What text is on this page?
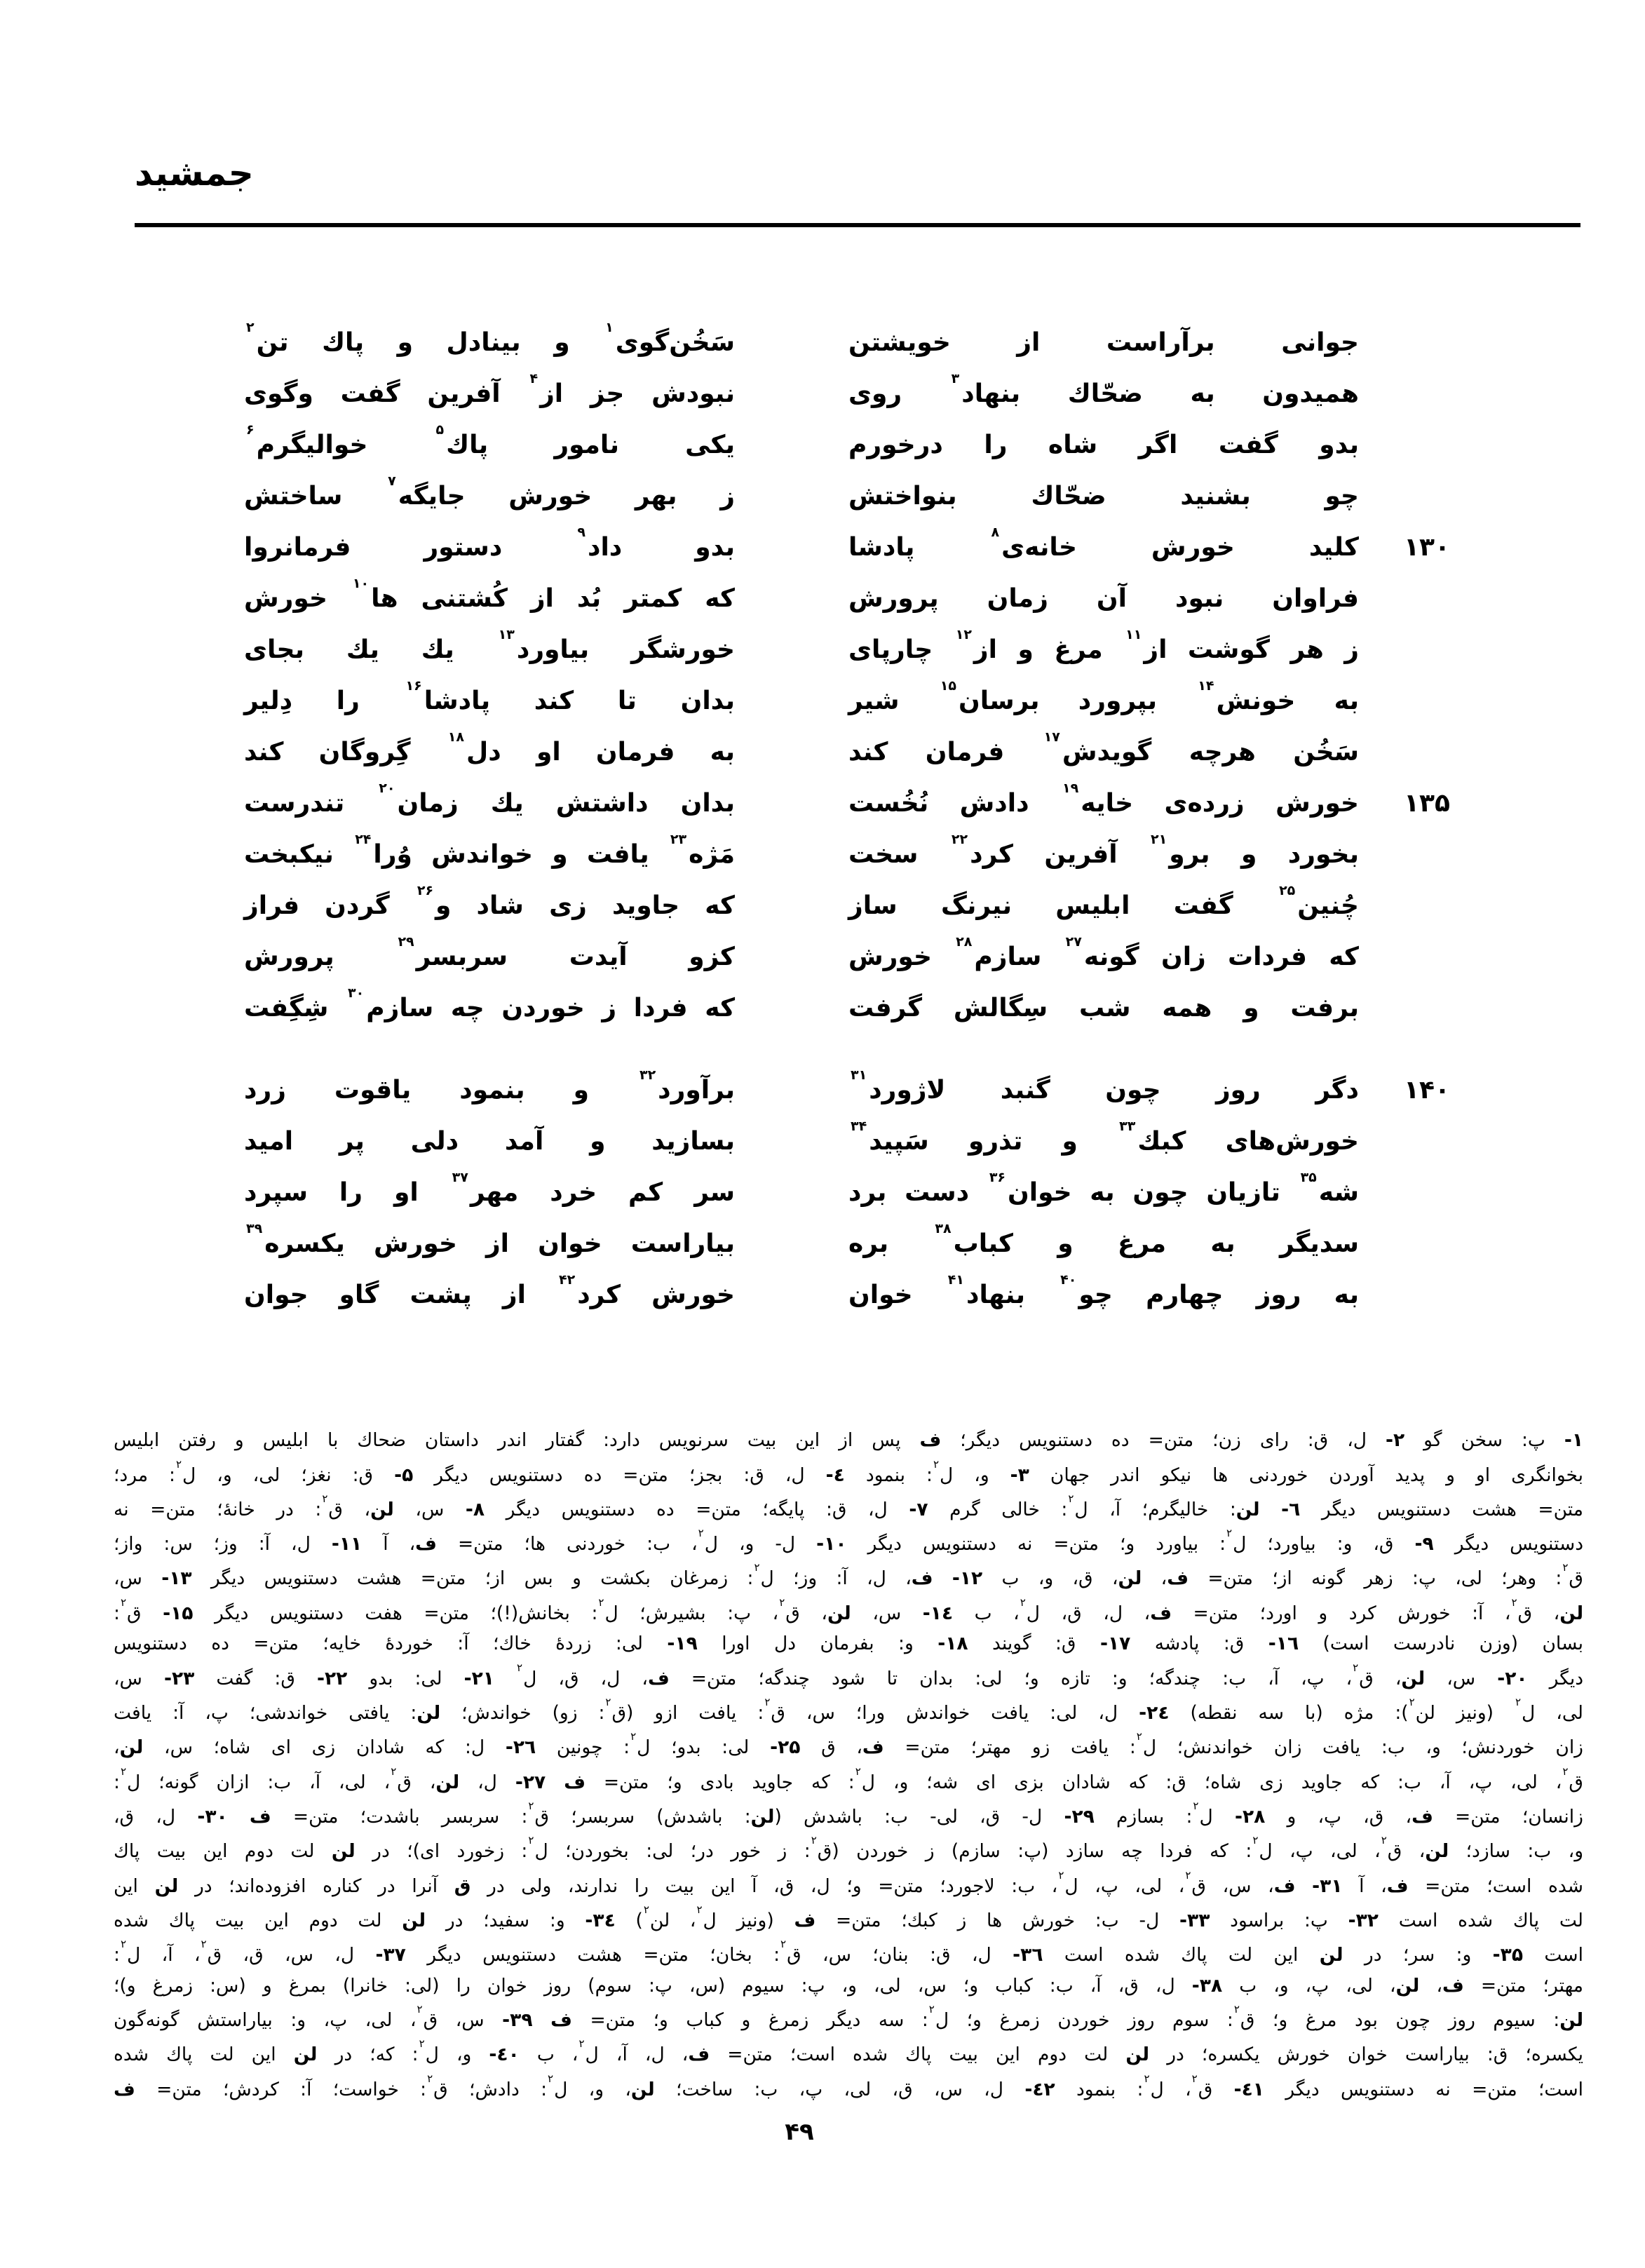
جمشید
جوانی برآراست از خویشتن
سَخُن‌گوی$^۱$ و بینادل و پاك تن$^۲$
همیدون به ضحّاك بنهاد$^۳$ روی
نبودش جز از$^۴$ آفرین گفت وگوی
بدو گفت اگر شاه را درخورم
یکی نامور پاك$^۵$ خوالیگرم$^۶$
چو بشنید ضحّاك بنواختش
ز بهر خورش جایگه$^۷$ ساختش
۱۳۰
کلید خورش خانه‌ی$^۸$ پادشا
بدو داد$^۹$ دستور فرمانروا
فراوان نبود آن زمان پرورش
که کمتر بُد از کُشتنی ها$^{۱۰}$ خورش
ز هر گوشت از$^{۱۱}$ مرغ و از$^{۱۲}$ چارپای
خورشگر بیاورد$^{۱۳}$ یك یك بجای
به خونش$^{۱۴}$ بپرورد برسان$^{۱۵}$ شیر
بدان تا کند پادشا$^{۱۶}$ را دِلیر
سَخُن هرچه گویدش$^{۱۷}$ فرمان کند
به فرمان او دل$^{۱۸}$ گِروگان کند
۱۳۵
خورش زرده‌ی خایه$^{۱۹}$ دادش نُخُست
بدان داشتش یك زمان$^{۲۰}$ تندرست
بخورد و برو$^{۲۱}$ آفرین کرد$^{۲۲}$ سخت
مَژه$^{۲۳}$ یافت و خواندش وُرا$^{۲۴}$ نیکبخت
چُنین$^{۲۵}$ گفت ابلیس نیرنگ ساز
که جاوید زی شاد و$^{۲۶}$ گردن فراز
که فردات زان گونه$^{۲۷}$ سازم$^{۲۸}$ خورش
کزو آیدت سربسر$^{۲۹}$ پرورش
برفت و همه شب سِگالش گرفت
که فردا ز خوردن چه سازم$^{۳۰}$ شِگِفت
۱۴۰
دگر روز چون گنبد لاژورد$^{۳۱}$
برآورد$^{۳۲}$ و بنمود یاقوت زرد
خورش‌های کبك$^{۳۳}$ و تذرو سَپید$^{۳۴}$
بسازید و آمد دلی پر امید
شه$^{۳۵}$ تازیان چون به خوان$^{۳۶}$ دست برد
سر کم خرد مهر$^{۳۷}$ او را سپرد
سدیگر به مرغ و کباب$^{۳۸}$ بره
بیاراست خوان از خورش یکسره$^{۳۹}$
به روز چهارم چو$^{۴۰}$ بنهاد$^{۴۱}$ خوان
خورش کرد$^{۴۲}$ از پشت گاو جوان
۱- پ: سخن گو ۲- ل، ق: رای زن؛ متن= ده دستنویس دیگر؛ ف پس از این بیت سرنویس دارد: گفتار اندر داستان ضحاك با ابلیس و رفتن ابلیس
بخوانگری او و پدید آوردن خوردنی ها نیکو اندر جهان ۳- و، ل$^۲$: بنمود ٤- ل، ق: بجز؛ متن= ده دستنویس دیگر ۵- ق: نغز؛ لی، و، ل$^۲$: مرد؛
متن= هشت دستنویس دیگر ٦- لن: خالیگرم؛ آ، ل$^۲$: خالی گرم ۷- ل، ق: پایگه؛ متن= ده دستنویس دیگر ۸- س، لن، ق$^۲$: در خانهٔ؛ متن= نه
دستنویس دیگر ۹- ق، و: بیاورد؛ ل$^۲$: بیاورد و؛ متن= نه دستنویس دیگر ۱۰- ل- و، ل$^۲$، ب: خوردنی ها؛ متن= ف، آ ۱۱- ل، آ: وز؛ س: واز؛
ق$^۲$: وهر؛ لی، پ: زهر گونه از؛ متن= ف، لن، ق، و، ب ۱۲- ف، ل، آ: وز؛ ل$^۲$: زمرغان بکشت و بس از؛ متن= هشت دستنویس دیگر ۱۳- س،
لن، ق$^۲$، آ: خورش کرد و اورد؛ متن= ف، ل، ق، ل$^۲$، ب ۱٤- س، لن، ق$^۲$، پ: بشیرش؛ ل$^۲$: بخانش(!)؛ متن= هفت دستنویس دیگر ۱۵- ق$^۲$:
بسان (وزن نادرست است) ۱٦- ق: پادشه ۱۷- ق: گویند ۱۸- و: بفرمان دل اورا ۱۹- لی: زردهٔ خاك؛ آ: خوردهٔ خایه؛ متن= ده دستنویس
دیگر ۲۰- س، لن، ق$^۲$، پ، آ، ب: چندگه؛ و: تازه و؛ لی: بدان تا شود چندگه؛ متن= ف، ل، ق، ل$^۲$ ۲۱- لی: بدو ۲۲- ق: گفت ۲۳- س،
لی، ل$^۲$ (ونیز لن$^۲$): مژه (با سه نقطه) ۲٤- ل، لی: یافت خواندش ورا؛ س، ق$^۲$: یافت ازو (ق$^۲$: زو) خواندش؛ لن: یافتی خواندشی؛ پ، آ: یافت
زان خوردنش؛ و، ب: یافت زان خواندنش؛ ل$^۲$: یافت زو مهتر؛ متن= ف، ق ۲۵- لی: بدو؛ ل$^۲$: چونین ۲٦- ل: که شادان زی ای شاه؛ س، لن،
ق$^۲$، لی، پ، آ، ب: که جاوید زی شاه؛ ق: که شادان بزی ای شه؛ و، ل$^۲$: که جاوید بادی و؛ متن= ف ۲۷- ل، لن، ق$^۲$، لی، آ، ب: ازان گونه؛ ل$^۲$:
زانسان؛ متن= ف، ق، پ، و ۲۸- ل$^۲$: بسازم ۲۹- ل- ق، لی- ب: باشدش (لن: باشدش) سربسر؛ ق$^۲$: سربسر باشدت؛ متن= ف ۳۰- ل، ق،
و، ب: سازد؛ لن، ق$^۲$، لی، پ، ل$^۲$: که فردا چه سازد (پ: سازم) ز خوردن (ق$^۲$: ز خور در؛ لی: بخوردن؛ ل$^۲$: زخورد ای)؛ در لن لت دوم این بیت پاك
شده است؛ متن= ف، آ ۳۱- ف، س، ق$^۲$، لی، پ، ل$^۲$، ب: لاجورد؛ متن= و؛ ل، ق، آ این بیت را ندارند، ولی در ق آنرا در کناره افزوده‌اند؛ در لن این
لت پاك شده است ۳۲- پ: براسود ۳۳- ل- ب: خورش ها ز کبك؛ متن= ف (ونیز ل$^۲$، لن$^۲$) ۳٤- و: سفید؛ در لن لت دوم این بیت پاك شده
است ۳۵- و: سر؛ در لن این لت پاك شده است ۳٦- ل، ق: بنان؛ س، ق$^۲$: بخان؛ متن= هشت دستنویس دیگر ۳۷- ل، س، ق، ق$^۲$، آ، ل$^۲$:
مهتر؛ متن= ف، لن، لی، پ، و، ب ۳۸- ل، ق، آ، ب: کباب و؛ س، لی، و، پ: سیوم (س، پ: سوم) روز خوان را (لی: خانرا) بمرغ و (س: زمرغ و)؛
لن: سیوم روز چون بود مرغ و؛ ق$^۲$: سوم روز خوردن زمرغ و؛ ل$^۲$: سه دیگر زمرغ و کباب و؛ متن= ف ۳۹- س، ق$^۲$، لی، پ، و: بیاراستش گونه‌گون
یکسره؛ ق: بیاراست خوان خورش یکسره؛ در لن لت دوم این بیت پاك شده است؛ متن= ف، ل، آ، ل$^۲$، ب ٤۰- و، ل$^۲$: که؛ در لن این لت پاك شده
است؛ متن= نه دستنویس دیگر ٤۱- ق$^۲$، ل$^۲$: بنمود ٤۲- ل، س، ق، لی، پ، ب: ساخت؛ لن، و، ل$^۲$: دادش؛ ق$^۲$: خواست؛ آ: کردش؛ متن= ف
۴۹
